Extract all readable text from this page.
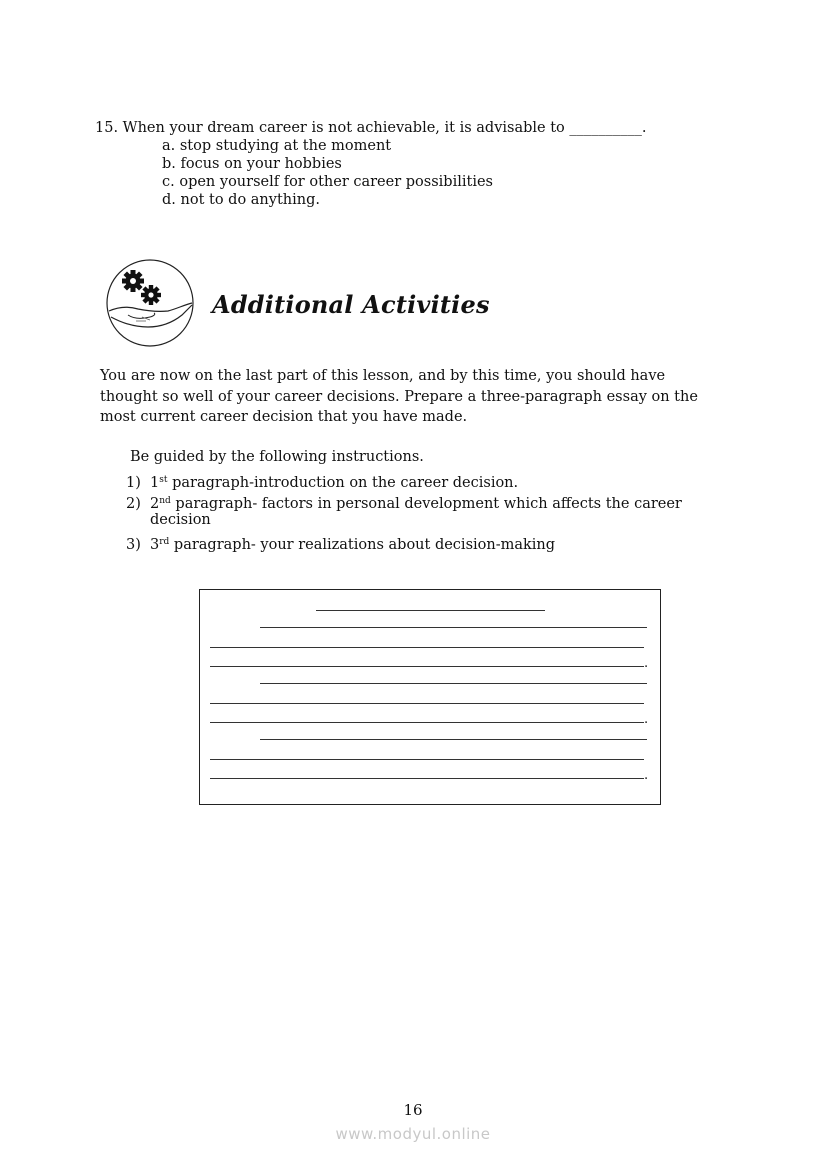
15. When your dream career is not achievable, it is advisable to __________.
a. stop studying at the moment
b. focus on your hobbies
c. open yourself for other career possibilities
d. not to do anything.
Additional Activities
You are now on the last part of this lesson, and by this time, you should have thought so well of your career decisions. Prepare a three-paragraph essay on the most current career decision that you have made.
Be guided by the following instructions.
1) 1st paragraph-introduction on the career decision.
2) 2nd paragraph- factors in personal development which affects the career
decision
3) 3rd paragraph- your realizations about decision-making
.
.
.
16
www.modyul.online
